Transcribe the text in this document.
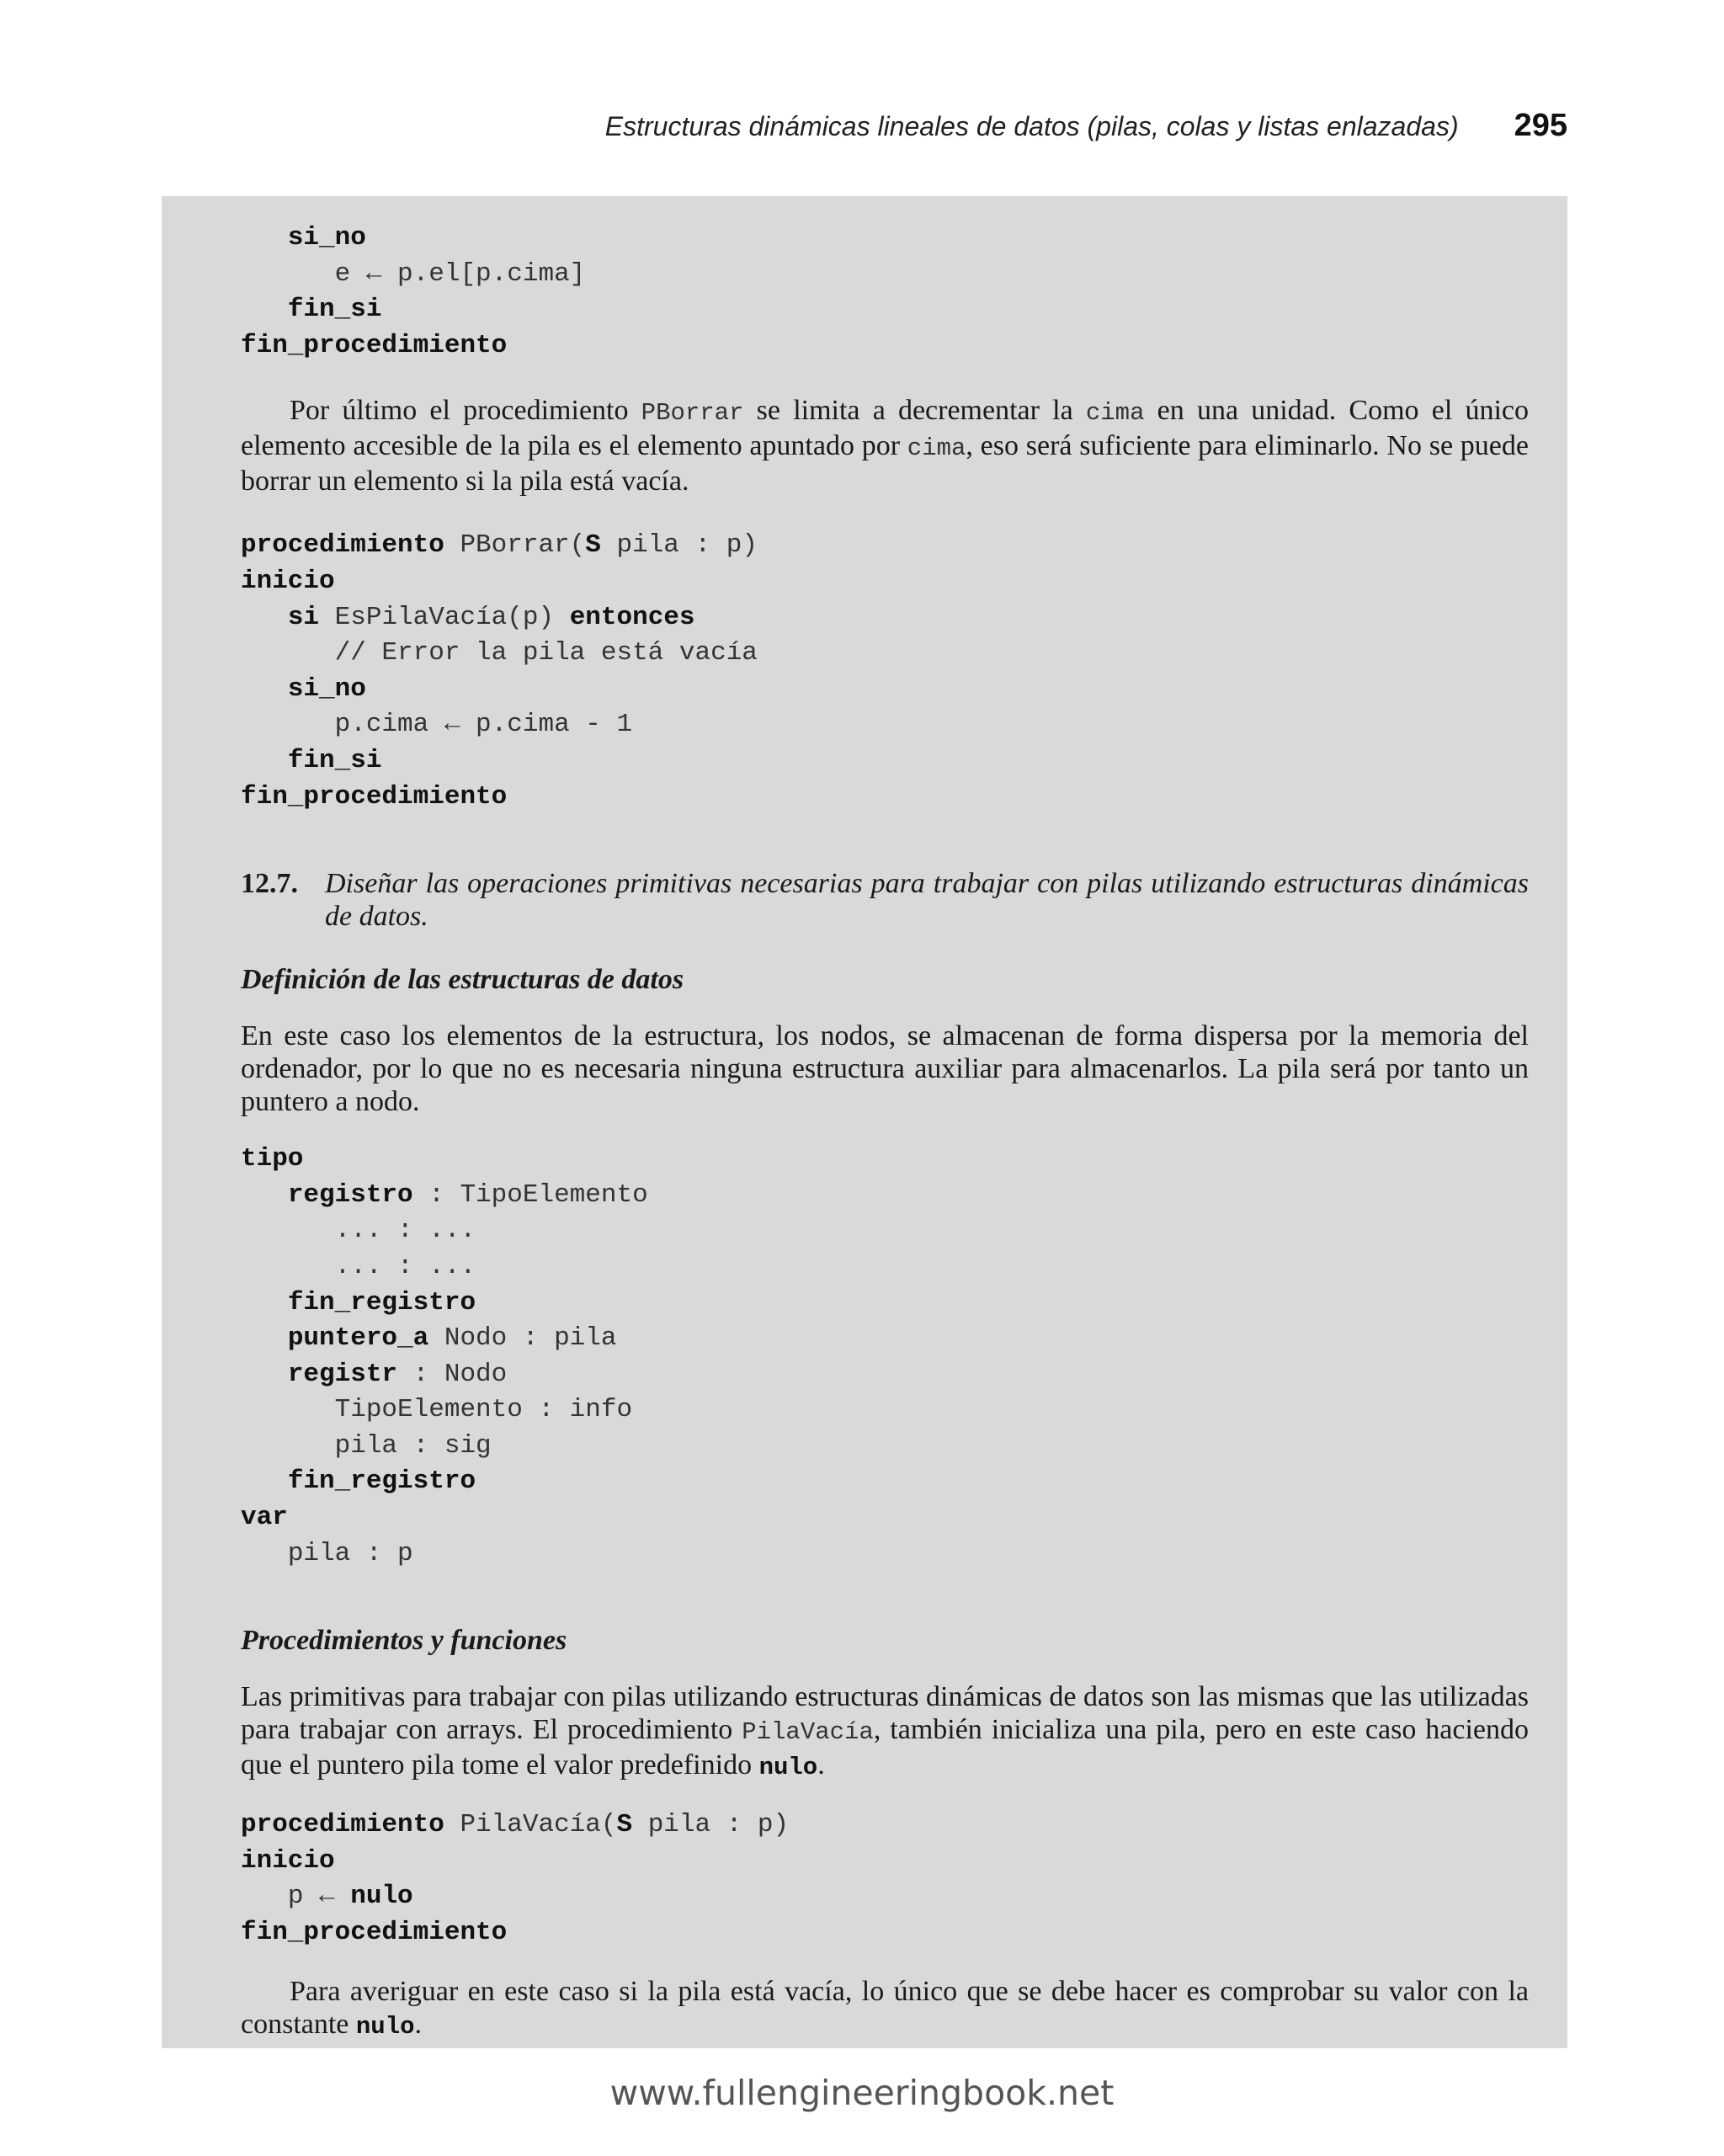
Estructuras dinámicas lineales de datos (pilas, colas y listas enlazadas) 295
si_no
e ← p.el[p.cima]
fin_si
fin_procedimiento

Por último el procedimiento PBorrar se limita a decrementar la cima en una unidad. Como el único elemento accesible de la pila es el elemento apuntado por cima, eso será suficiente para eliminarlo. No se puede borrar un elemento si la pila está vacía.

procedimiento PBorrar(S pila : p)
inicio
si EsPilaVacía(p) entonces
// Error la pila está vacía
si_no
p.cima ← p.cima - 1
fin_si
fin_procedimiento
12.7. Diseñar las operaciones primitivas necesarias para trabajar con pilas utilizando estructuras dinámicas de datos.
Definición de las estructuras de datos

En este caso los elementos de la estructura, los nodos, se almacenan de forma dispersa por la memoria del ordenador, por lo que no es necesaria ninguna estructura auxiliar para almacenarlos. La pila será por tanto un puntero a nodo.

tipo
registro : TipoElemento
... : ...
... : ...
fin_registro
puntero_a Nodo : pila
registr : Nodo
TipoElemento : info
pila : sig
fin_registro
var
pila : p
Procedimientos y funciones

Las primitivas para trabajar con pilas utilizando estructuras dinámicas de datos son las mismas que las utilizadas para trabajar con arrays. El procedimiento PilaVacía, también inicializa una pila, pero en este caso haciendo que el puntero pila tome el valor predefinido nulo.

procedimiento PilaVacía(S pila : p)
inicio
p ← nulo
fin_procedimiento

Para averiguar en este caso si la pila está vacía, lo único que se debe hacer es comprobar su valor con la constante nulo.

www.fullengineeringbook.net
